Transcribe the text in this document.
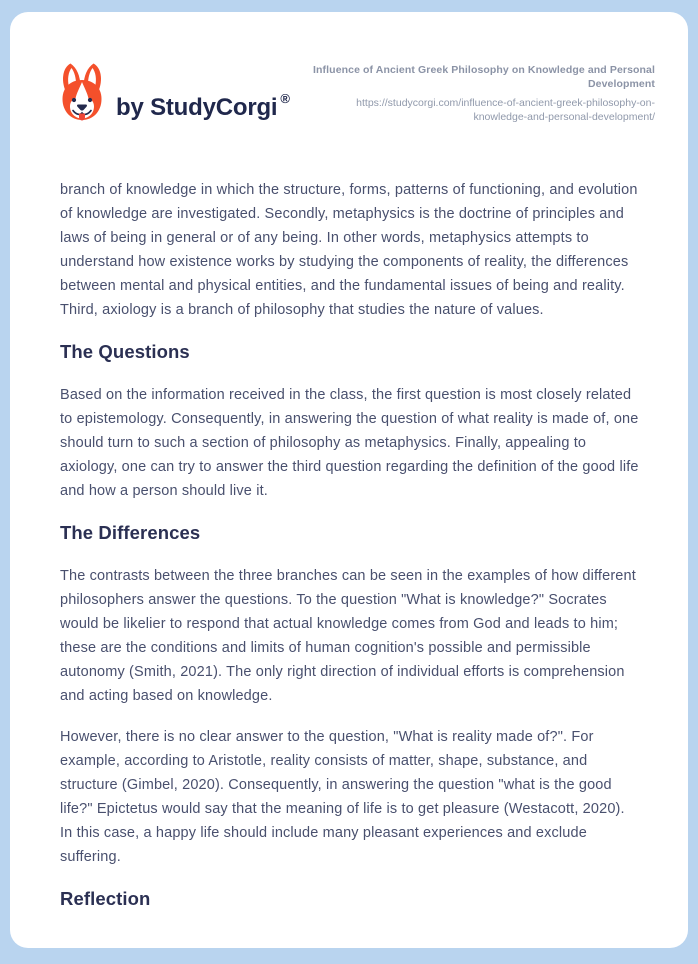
by StudyCorgi ®
Influence of Ancient Greek Philosophy on Knowledge and Personal Development
https://studycorgi.com/influence-of-ancient-greek-philosophy-on-knowledge-and-personal-development/

branch of knowledge in which the structure, forms, patterns of functioning, and evolution of knowledge are investigated. Secondly, metaphysics is the doctrine of principles and laws of being in general or of any being. In other words, metaphysics attempts to understand how existence works by studying the components of reality, the differences between mental and physical entities, and the fundamental issues of being and reality. Third, axiology is a branch of philosophy that studies the nature of values.

The Questions

Based on the information received in the class, the first question is most closely related to epistemology. Consequently, in answering the question of what reality is made of, one should turn to such a section of philosophy as metaphysics. Finally, appealing to axiology, one can try to answer the third question regarding the definition of the good life and how a person should live it.

The Differences

The contrasts between the three branches can be seen in the examples of how different philosophers answer the questions. To the question "What is knowledge?" Socrates would be likelier to respond that actual knowledge comes from God and leads to him; these are the conditions and limits of human cognition's possible and permissible autonomy (Smith, 2021). The only right direction of individual efforts is comprehension and acting based on knowledge.

However, there is no clear answer to the question, "What is reality made of?". For example, according to Aristotle, reality consists of matter, shape, substance, and structure (Gimbel, 2020). Consequently, in answering the question "what is the good life?" Epictetus would say that the meaning of life is to get pleasure (Westacott, 2020). In this case, a happy life should include many pleasant experiences and exclude suffering.

Reflection
